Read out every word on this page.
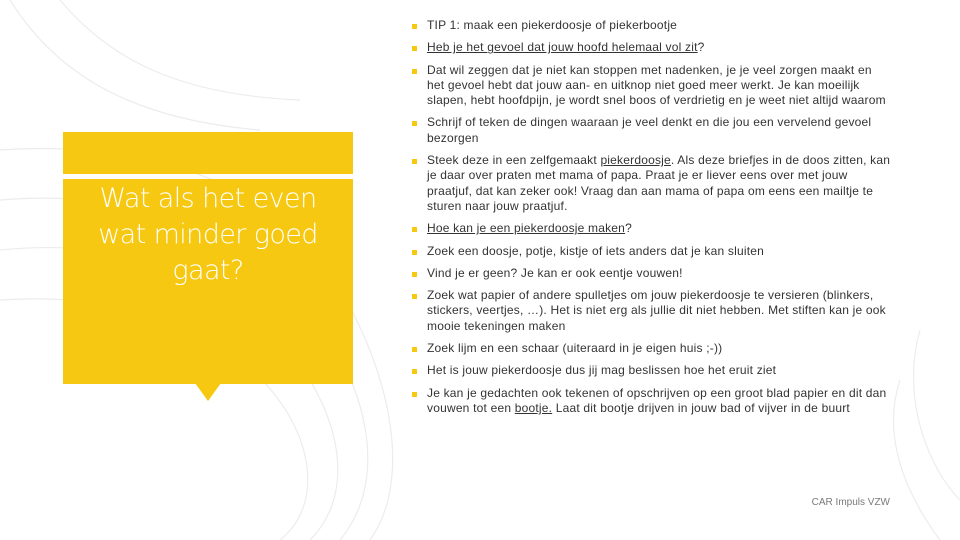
Wat als het even
wat minder goed
gaat?
TIP 1: maak een piekerdoosje of piekerbootje
Heb je het gevoel dat jouw hoofd helemaal vol zit?
Dat wil zeggen dat je niet kan stoppen met nadenken, je je veel zorgen maakt en het gevoel hebt dat jouw aan- en uitknop niet goed meer werkt. Je kan moeilijk slapen, hebt hoofdpijn, je wordt snel boos of verdrietig en je weet niet altijd waarom
Schrijf of teken de dingen waaraan je veel denkt en die jou een vervelend gevoel bezorgen
Steek deze in een zelfgemaakt piekerdoosje. Als deze briefjes in de doos zitten, kan je daar over praten met mama of papa. Praat je er liever eens over met jouw praatjuf, dat kan zeker ook! Vraag dan aan mama of papa om eens een mailtje te sturen naar jouw praatjuf.
Hoe kan je een piekerdoosje maken?
Zoek een doosje, potje, kistje of iets anders dat je kan sluiten
Vind je er geen? Je kan er ook eentje vouwen!
Zoek wat papier of andere spulletjes om jouw piekerdoosje te versieren (blinkers, stickers, veertjes, …). Het is niet erg als jullie dit niet hebben. Met stiften kan je ook mooie tekeningen maken
Zoek lijm en een schaar (uiteraard in je eigen huis ;-))
Het is jouw piekerdoosje dus jij mag beslissen hoe het eruit ziet
Je kan je gedachten ook tekenen of opschrijven op een groot blad papier en dit dan vouwen tot een bootje. Laat dit bootje drijven in jouw bad of vijver in de buurt
CAR Impuls VZW
